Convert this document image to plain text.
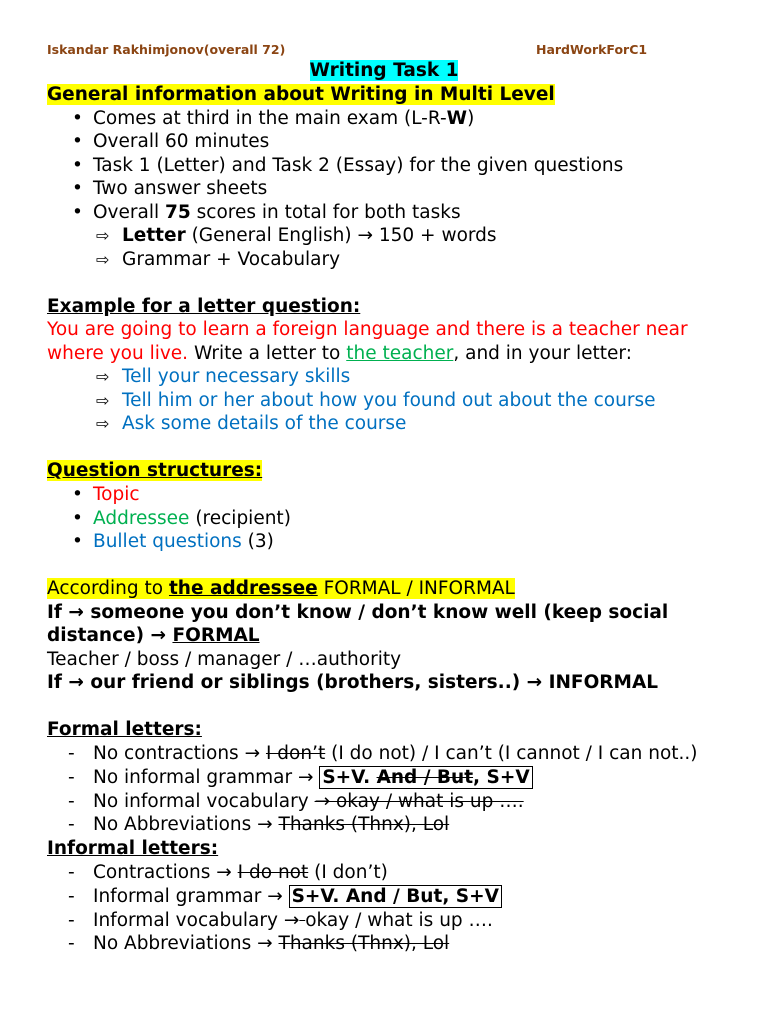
Iskandar Rakhimjonov(overall 72)	HardWorkForC1
Writing Task 1
General information about Writing in Multi Level
• Comes at third in the main exam (L-R-W)
• Overall 60 minutes
• Task 1 (Letter) and Task 2 (Essay) for the given questions
• Two answer sheets
• Overall 75 scores in total for both tasks
⇨ Letter (General English) → 150 + words
⇨ Grammar + Vocabulary
Example for a letter question:
You are going to learn a foreign language and there is a teacher near
where you live. Write a letter to the teacher, and in your letter:
⇨ Tell your necessary skills
⇨ Tell him or her about how you found out about the course
⇨ Ask some details of the course
Question structures:
• Topic
• Addressee (recipient)
• Bullet questions (3)
According to the addressee FORMAL / INFORMAL
If → someone you don’t know / don’t know well (keep social
distance) → FORMAL
Teacher / boss / manager / …authority
If → our friend or siblings (brothers, sisters..) → INFORMAL
Formal letters:
- No contractions → I don’t (I do not) / I can’t (I cannot / I can not..)
- No informal grammar → S+V. And / But, S+V
- No informal vocabulary → okay / what is up ….
- No Abbreviations → Thanks (Thnx), Lol
Informal letters:
- Contractions → I do not (I don’t)
- Informal grammar → S+V. And / But, S+V
- Informal vocabulary → okay / what is up ….
- No Abbreviations → Thanks (Thnx), Lol
